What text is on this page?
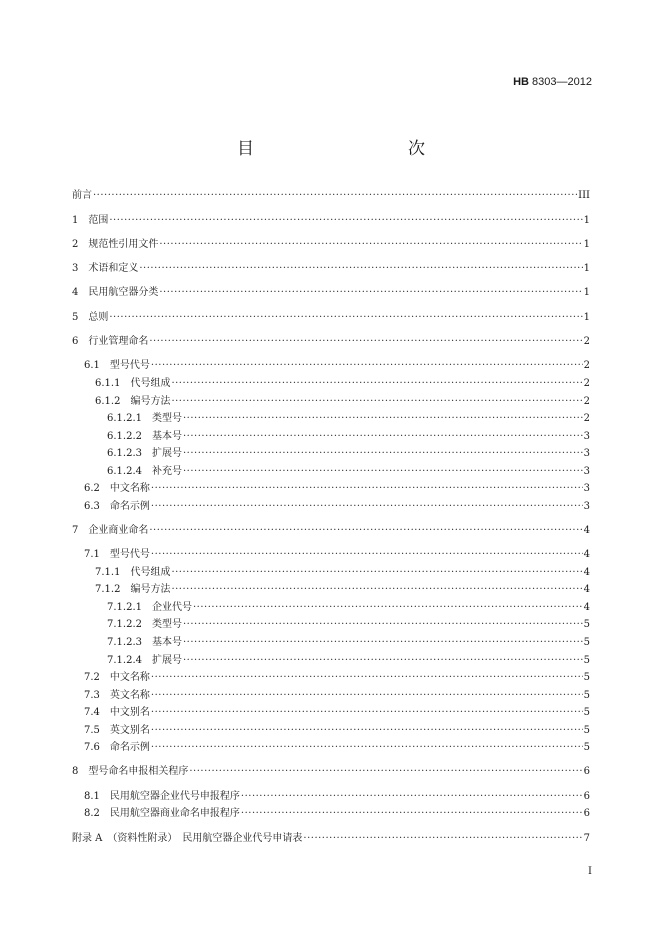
HB 8303—2012
目　　次
前言 ·····	III
1　范围 ·····	1
2　规范性引用文件 ·····	1
3　术语和定义 ·····	1
4　民用航空器分类 ·····	1
5　总则 ·····	1
6　行业管理命名 ·····	2
6.1　型号代号 ·····	2
6.1.1　代号组成 ·····	2
6.1.2　编号方法 ·····	2
6.1.2.1　类型号 ·····	2
6.1.2.2　基本号 ·····	3
6.1.2.3　扩展号 ·····	3
6.1.2.4　补充号 ·····	3
6.2　中文名称 ·····	3
6.3　命名示例 ·····	3
7　企业商业命名 ·····	4
7.1　型号代号 ·····	4
7.1.1　代号组成 ·····	4
7.1.2　编号方法 ·····	4
7.1.2.1　企业代号 ·····	4
7.1.2.2　类型号 ·····	5
7.1.2.3　基本号 ·····	5
7.1.2.4　扩展号 ·····	5
7.2　中文名称 ·····	5
7.3　英文名称 ·····	5
7.4　中文别名 ·····	5
7.5　英文别名 ·····	5
7.6　命名示例 ·····	5
8　型号命名申报相关程序 ·····	6
8.1　民用航空器企业代号申报程序 ·····	6
8.2　民用航空器商业命名申报程序 ·····	6
附录 A　（资料性附录）　民用航空器企业代号申请表 ·····	7
I
